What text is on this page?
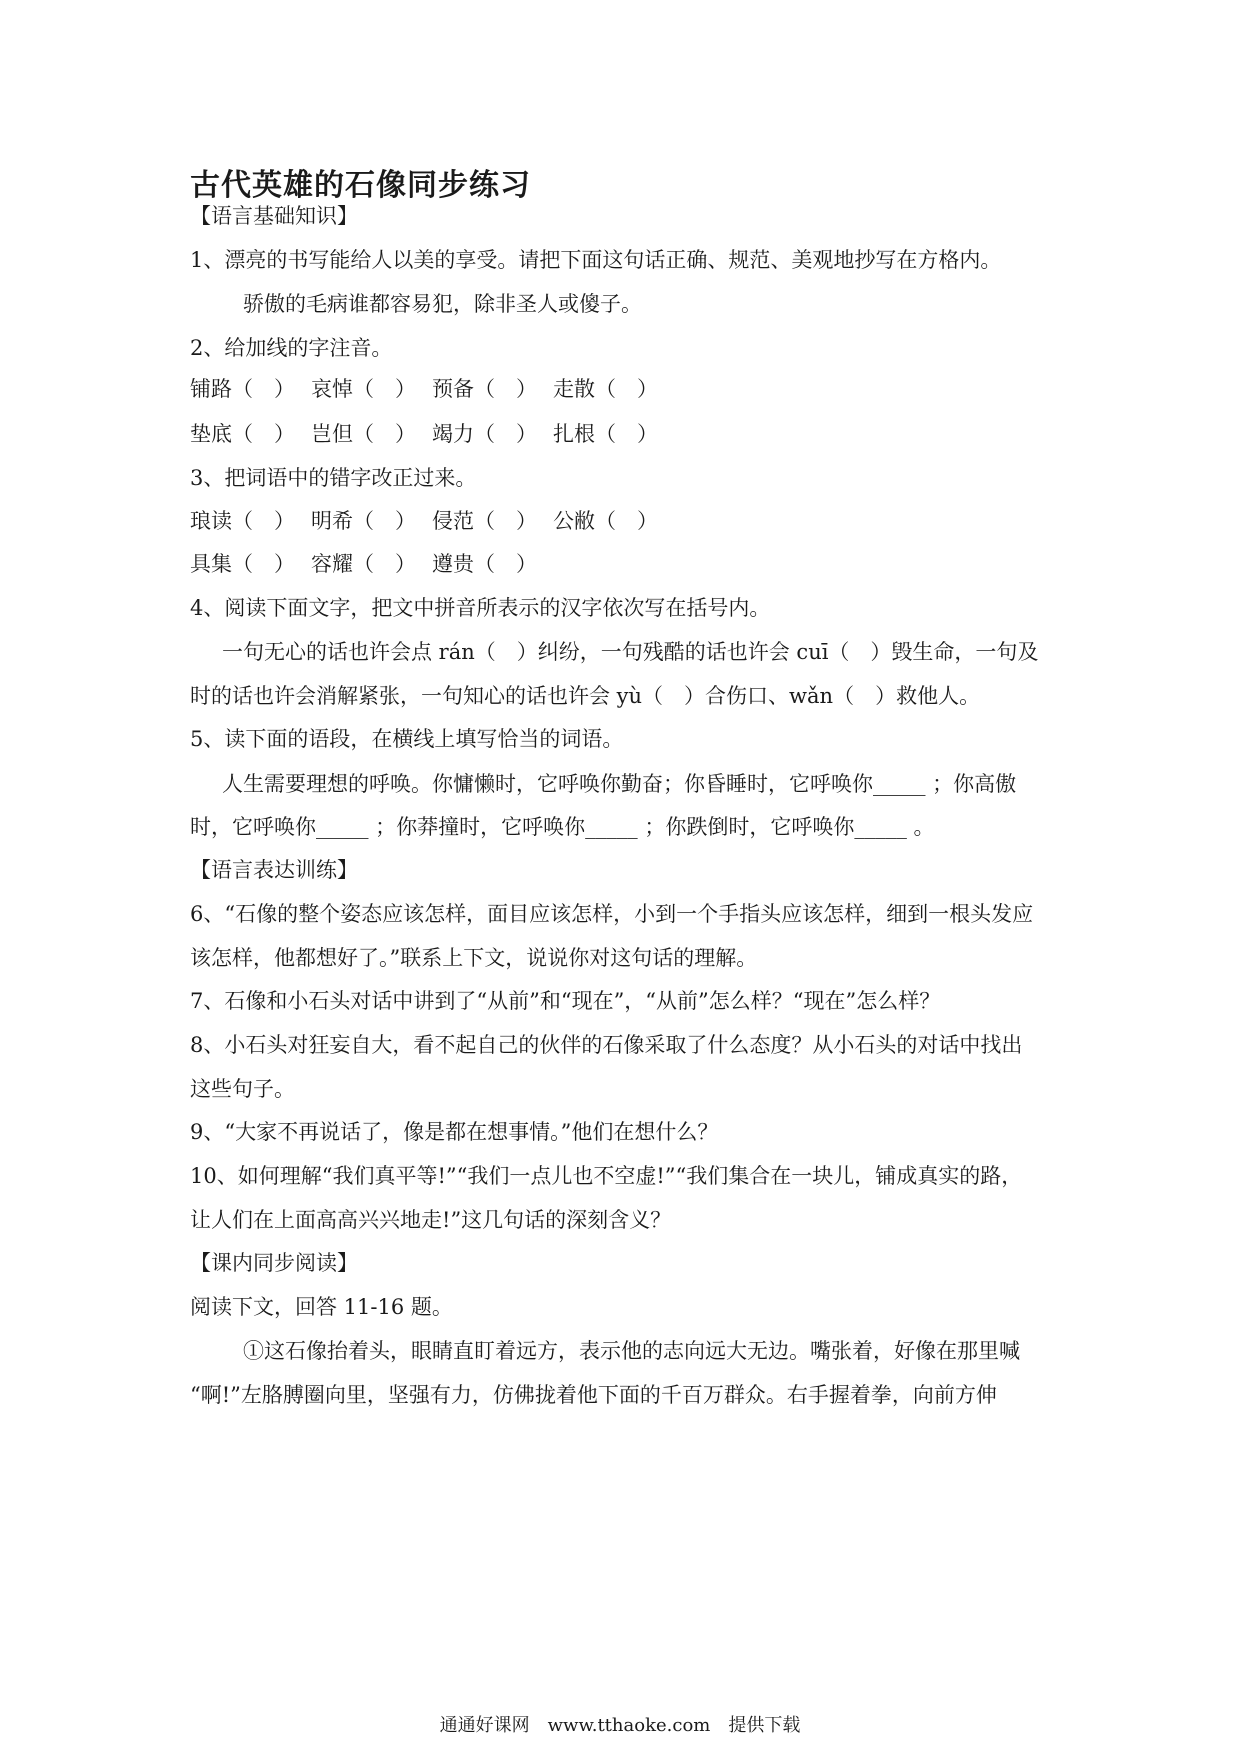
古代英雄的石像同步练习
【语言基础知识】
1、漂亮的书写能给人以美的享受。请把下面这句话正确、规范、美观地抄写在方格内。
骄傲的毛病谁都容易犯，除非圣人或傻子。
2、给加线的字注音。
铺路（　） 哀悼（　） 预备（　） 走散（　）
垫底（　） 岂但（　） 竭力（　） 扎根（　）
3、把词语中的错字改正过来。
琅读（　） 明希（　） 侵范（　） 公敝（　）
具集（　） 容耀（　） 遵贵（　）
4、阅读下面文字，把文中拼音所表示的汉字依次写在括号内。
一句无心的话也许会点 rán（　）纠纷，一句残酷的话也许会 cuī（　）毁生命，一句及
时的话也许会消解紧张，一句知心的话也许会 yù（　）合伤口、wǎn（　）救他人。
5、读下面的语段，在横线上填写恰当的词语。
人生需要理想的呼唤。你慵懒时，它呼唤你勤奋；你昏睡时，它呼唤你_____ ；你高傲
时，它呼唤你_____ ；你莽撞时，它呼唤你_____ ；你跌倒时，它呼唤你_____ 。
【语言表达训练】
6、“石像的整个姿态应该怎样，面目应该怎样，小到一个手指头应该怎样，细到一根头发应
该怎样，他都想好了。”联系上下文，说说你对这句话的理解。
7、石像和小石头对话中讲到了“从前”和“现在”，“从前”怎么样？“现在”怎么样？
8、小石头对狂妄自大，看不起自己的伙伴的石像采取了什么态度？从小石头的对话中找出
这些句子。
9、“大家不再说话了，像是都在想事情。”他们在想什么？
10、如何理解“我们真平等!”“我们一点儿也不空虚!”“我们集合在一块儿，铺成真实的路，
让人们在上面高高兴兴地走!”这几句话的深刻含义？
【课内同步阅读】
阅读下文，回答 11-16 题。
①这石像抬着头，眼睛直盯着远方，表示他的志向远大无边。嘴张着，好像在那里喊
“啊!”左胳膊圈向里，坚强有力，仿佛拢着他下面的千百万群众。右手握着拳，向前方伸
通通好课网　www.tthaoke.com　提供下载
